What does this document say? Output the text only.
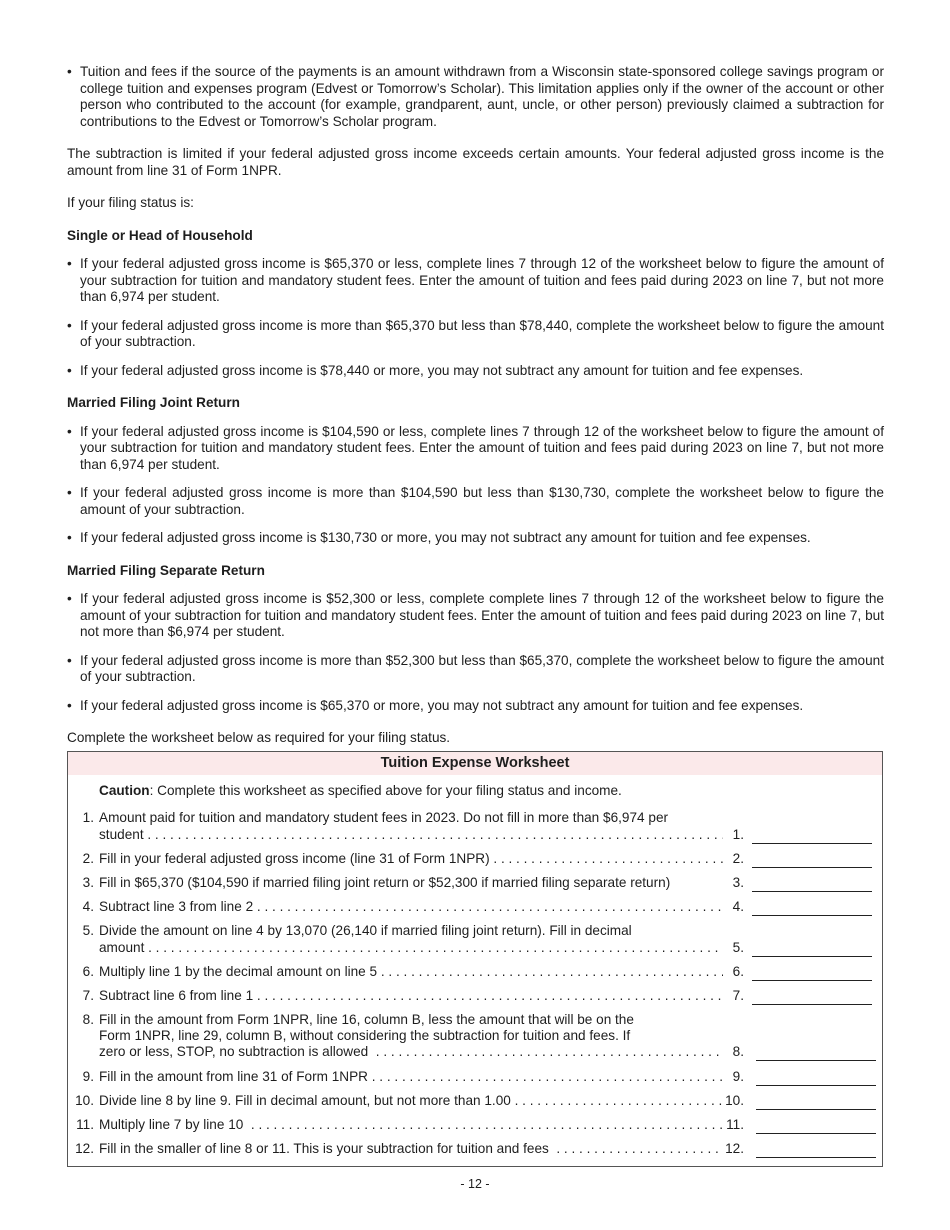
• Tuition and fees if the source of the payments is an amount withdrawn from a Wisconsin state-sponsored college savings program or college tuition and expenses program (Edvest or Tomorrow’s Scholar). This limitation applies only if the owner of the account or other person who contributed to the account (for example, grandparent, aunt, uncle, or other person) previously claimed a subtraction for contributions to the Edvest or Tomorrow’s Scholar program.
The subtraction is limited if your federal adjusted gross income exceeds certain amounts. Your federal adjusted gross income is the amount from line 31 of Form 1NPR.
If your filing status is:
Single or Head of Household
• If your federal adjusted gross income is $65,370 or less, complete lines 7 through 12 of the worksheet below to figure the amount of your subtraction for tuition and mandatory student fees. Enter the amount of tuition and fees paid during 2023 on line 7, but not more than 6,974 per student.
• If your federal adjusted gross income is more than $65,370 but less than $78,440, complete the worksheet below to figure the amount of your subtraction.
• If your federal adjusted gross income is $78,440 or more, you may not subtract any amount for tuition and fee expenses.
Married Filing Joint Return
• If your federal adjusted gross income is $104,590 or less, complete lines 7 through 12 of the worksheet below to figure the amount of your subtraction for tuition and mandatory student fees. Enter the amount of tuition and fees paid during 2023 on line 7, but not more than 6,974 per student.
• If your federal adjusted gross income is more than $104,590 but less than $130,730, complete the worksheet below to figure the amount of your subtraction.
• If your federal adjusted gross income is $130,730 or more, you may not subtract any amount for tuition and fee expenses.
Married Filing Separate Return
• If your federal adjusted gross income is $52,300 or less, complete complete lines 7 through 12 of the worksheet below to figure the amount of your subtraction for tuition and mandatory student fees. Enter the amount of tuition and fees paid during 2023 on line 7, but not more than $6,974 per student.
• If your federal adjusted gross income is more than $52,300 but less than $65,370, complete the worksheet below to figure the amount of your subtraction.
• If your federal adjusted gross income is $65,370 or more, you may not subtract any amount for tuition and fee expenses.
Complete the worksheet below as required for your filing status.
Tuition Expense Worksheet
Caution: Complete this worksheet as specified above for your filing status and income.
1. Amount paid for tuition and mandatory student fees in 2023. Do not fill in more than $6,974 per
student . . .	1.
2. Fill in your federal adjusted gross income (line 31 of Form 1NPR) . . .	2.
3. Fill in $65,370 ($104,590 if married filing joint return or $52,300 if married filing separate return)	3.
4. Subtract line 3 from line 2 . . .	4.
5. Divide the amount on line 4 by 13,070 (26,140 if married filing joint return). Fill in decimal
amount . . .	5.
6. Multiply line 1 by the decimal amount on line 5 . . .	6.
7. Subtract line 6 from line 1 . . .	7.
8. Fill in the amount from Form 1NPR, line 16, column B, less the amount that will be on the
Form 1NPR, line 29, column B, without considering the subtraction for tuition and fees. If
zero or less, STOP, no subtraction is allowed  . . .	8.
9. Fill in the amount from line 31 of Form 1NPR . . .	9.
10. Divide line 8 by line 9. Fill in decimal amount, but not more than 1.00 . . .	10.
11. Multiply line 7 by line 10  . . .	11.
12. Fill in the smaller of line 8 or 11. This is your subtraction for tuition and fees  . . .	12.
- 12 -
